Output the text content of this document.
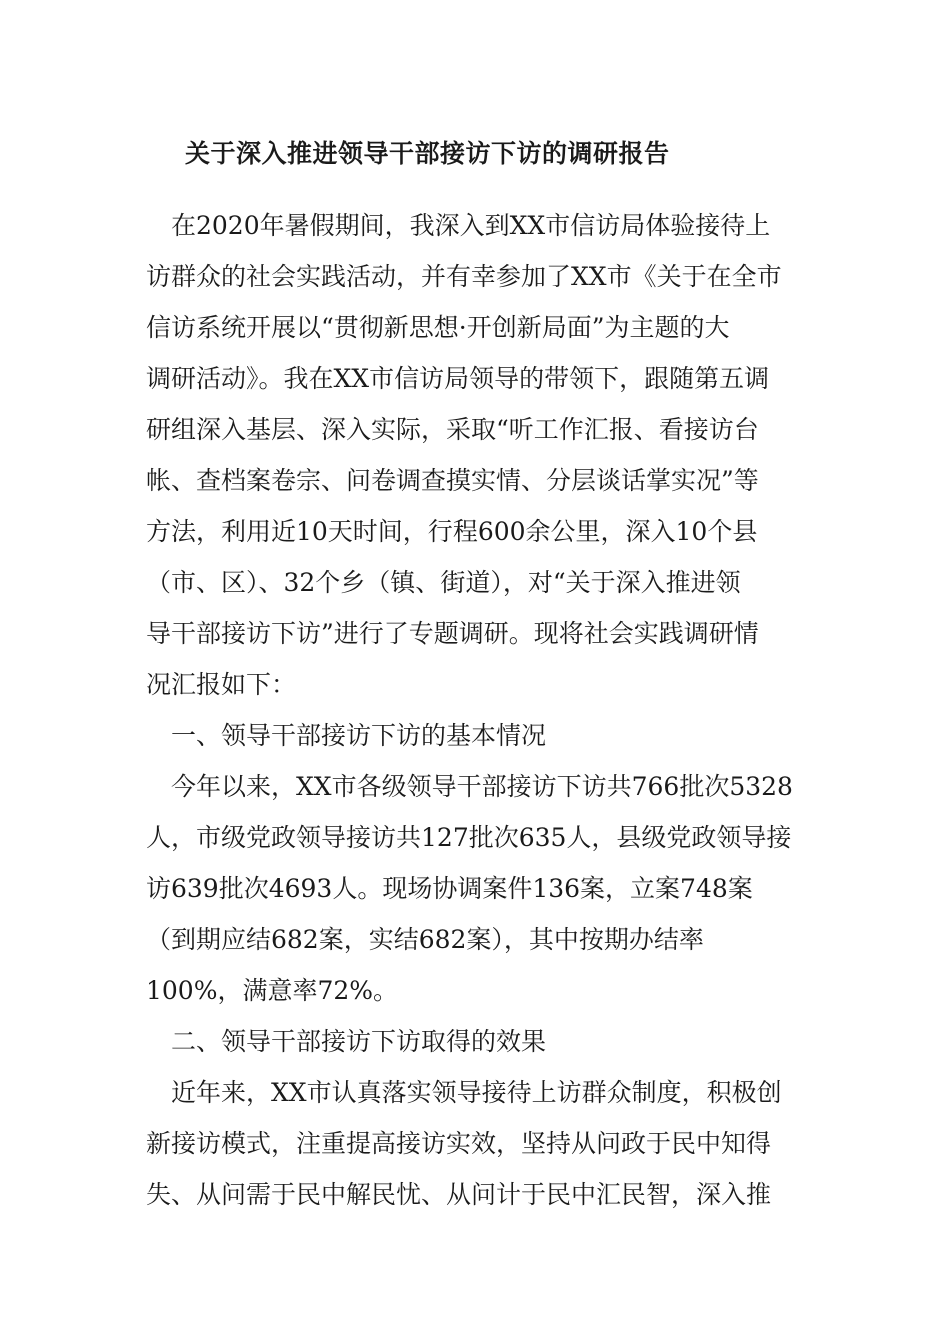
关于深入推进领导干部接访下访的调研报告
　在2020年暑假期间，我深入到XX市信访局体验接待上
访群众的社会实践活动，并有幸参加了XX市《关于在全市
信访系统开展以“贯彻新思想·开创新局面”为主题的大
调研活动》。我在XX市信访局领导的带领下，跟随第五调
研组深入基层、深入实际，采取“听工作汇报、看接访台
帐、查档案卷宗、问卷调查摸实情、分层谈话掌实况”等
方法，利用近10天时间，行程600余公里，深入10个县
（市、区）、32个乡（镇、街道），对“关于深入推进领
导干部接访下访”进行了专题调研。现将社会实践调研情
况汇报如下：
　一、领导干部接访下访的基本情况
　今年以来，XX市各级领导干部接访下访共766批次5328
人，市级党政领导接访共127批次635人，县级党政领导接
访639批次4693人。现场协调案件136案，立案748案
（到期应结682案，实结682案），其中按期办结率
100%，满意率72%。
　二、领导干部接访下访取得的效果
　近年来，XX市认真落实领导接待上访群众制度，积极创
新接访模式，注重提高接访实效，坚持从问政于民中知得
失、从问需于民中解民忧、从问计于民中汇民智，深入推
